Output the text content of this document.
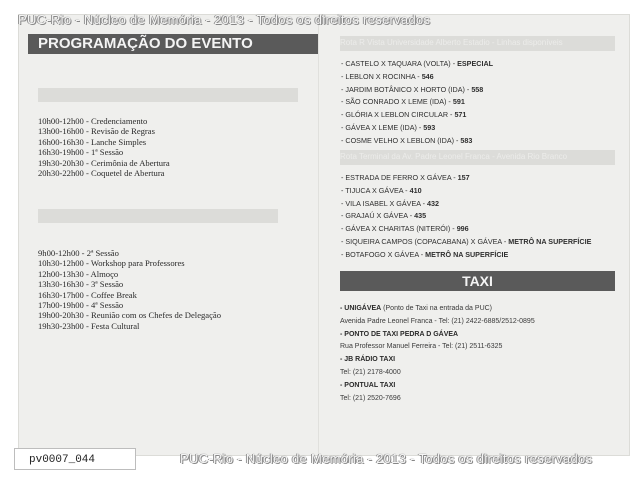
PUC-Rio - Núcleo de Memória - 2013 - Todos os direitos reservados
PROGRAMAÇÃO DO EVENTO	Rota R Vista Universidade Alberto Estadio - Linhas disponíveis
Rota Terminal da Av. Padre Leonel Franca - Avenida Rio Branco
10h00-12h00 - Credenciamento
13h00-16h00 - Revisão de Regras
16h00-16h30 - Lanche Simples
16h30-19h00 - 1ª Sessão
19h30-20h30 - Cerimônia de Abertura
20h30-22h00 - Coquetel de Abertura
9h00-12h00 - 2ª Sessão
10h30-12h00 - Workshop para Professores
12h00-13h30 - Almoço
13h30-16h30 - 3ª Sessão
16h30-17h00 - Coffee Break
17h00-19h00 - 4ª Sessão
19h00-20h30 - Reunião com os Chefes de Delegação
19h30-23h00 - Festa Cultural
- CASTELO X TAQUARA (VOLTA) - ESPECIAL
- LEBLON X ROCINHA - 546
- JARDIM BOTÂNICO X HORTO (IDA) - 558
- SÃO CONRADO X LEME (IDA) - 591
- GLÓRIA X LEBLON CIRCULAR - 571
- GÁVEA X LEME (IDA) - 593
- COSME VELHO X LEBLON (IDA) - 583
- ESTRADA DE FERRO X GÁVEA - 157
- TIJUCA X GÁVEA - 410
- VILA ISABEL X GÁVEA - 432
- GRAJAÚ X GÁVEA - 435
- GÁVEA X CHARITAS (NITERÓI) - 996
- SIQUEIRA CAMPOS (COPACABANA) X GÁVEA - METRÔ NA SUPERFÍCIE
- BOTAFOGO X GÁVEA - METRÔ NA SUPERFÍCIE
TAXI
- UNIGÁVEA (Ponto de Taxi na entrada da PUC)
Avenida Padre Leonel Franca - Tel: (21) 2422-6885/2512-0895
- PONTO DE TAXI PEDRA D GÁVEA
Rua Professor Manuel Ferreira - Tel: (21) 2511-6325
- JB RÁDIO TAXI
Tel: (21) 2178-4000
- PONTUAL TAXI
Tel: (21) 2520-7696
PUC-Rio - Núcleo de Memória - 2013 - Todos os direitos reservados
pv0007_044
